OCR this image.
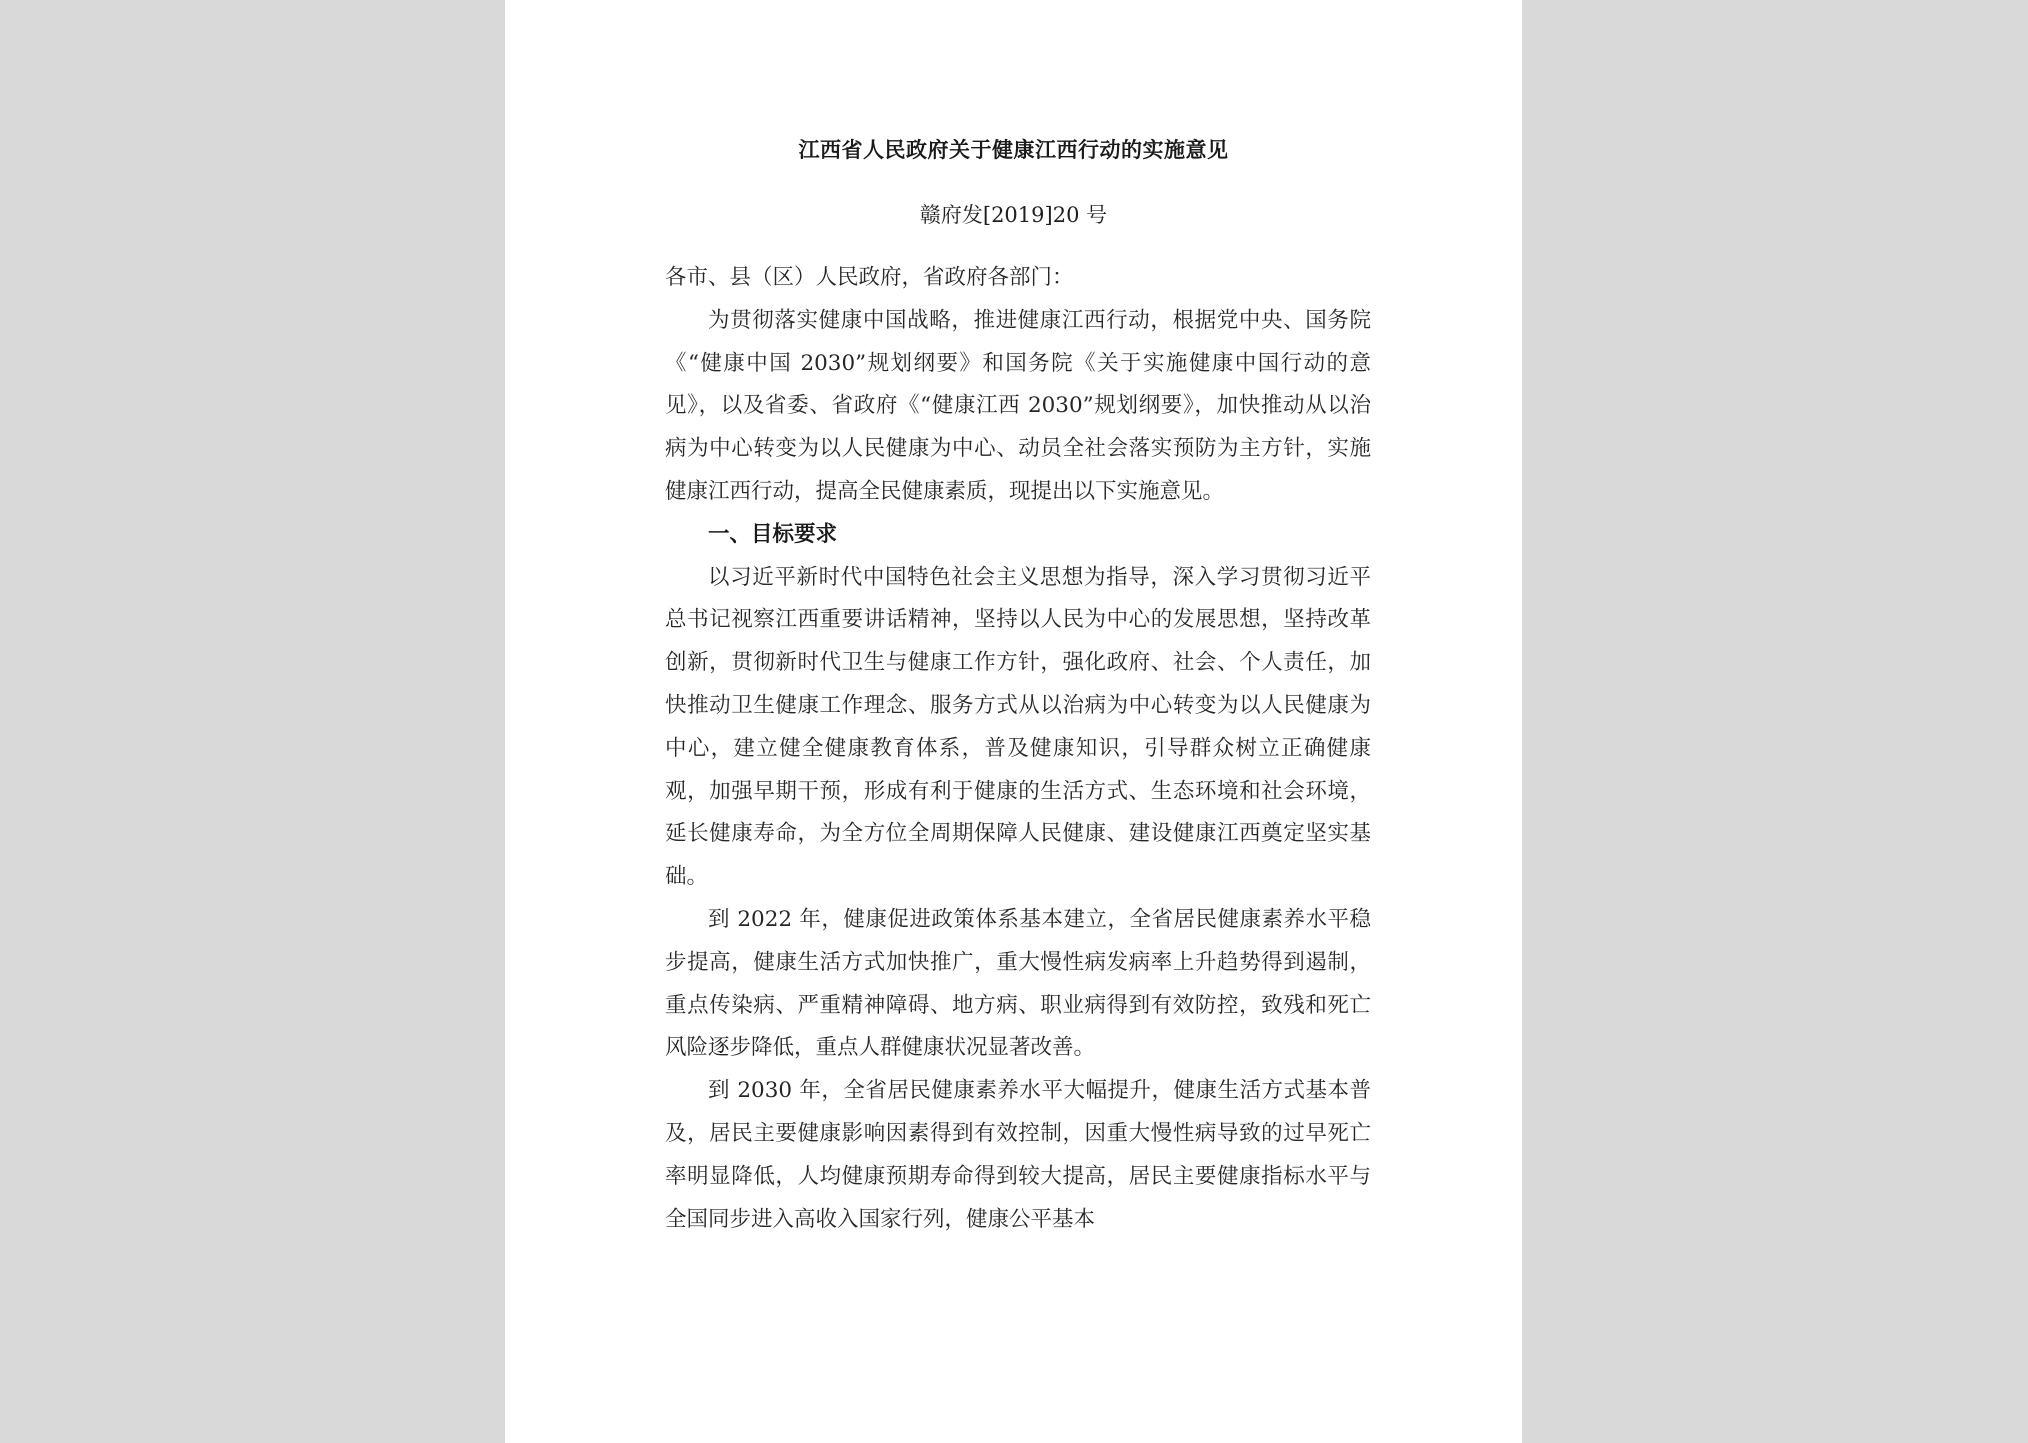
江西省人民政府关于健康江西行动的实施意见
赣府发[2019]20 号

各市、县（区）人民政府，省政府各部门：

为贯彻落实健康中国战略，推进健康江西行动，根据党中央、国务院《“健康中国 2030”规划纲要》和国务院《关于实施健康中国行动的意见》，以及省委、省政府《“健康江西 2030”规划纲要》，加快推动从以治病为中心转变为以人民健康为中心、动员全社会落实预防为主方针，实施健康江西行动，提高全民健康素质，现提出以下实施意见。

一、目标要求

以习近平新时代中国特色社会主义思想为指导，深入学习贯彻习近平总书记视察江西重要讲话精神，坚持以人民为中心的发展思想，坚持改革创新，贯彻新时代卫生与健康工作方针，强化政府、社会、个人责任，加快推动卫生健康工作理念、服务方式从以治病为中心转变为以人民健康为中心，建立健全健康教育体系，普及健康知识，引导群众树立正确健康观，加强早期干预，形成有利于健康的生活方式、生态环境和社会环境，延长健康寿命，为全方位全周期保障人民健康、建设健康江西奠定坚实基础。

到 2022 年，健康促进政策体系基本建立，全省居民健康素养水平稳步提高，健康生活方式加快推广，重大慢性病发病率上升趋势得到遏制，重点传染病、严重精神障碍、地方病、职业病得到有效防控，致残和死亡风险逐步降低，重点人群健康状况显著改善。

到 2030 年，全省居民健康素养水平大幅提升，健康生活方式基本普及，居民主要健康影响因素得到有效控制，因重大慢性病导致的过早死亡率明显降低，人均健康预期寿命得到较大提高，居民主要健康指标水平与全国同步进入高收入国家行列，健康公平基本
